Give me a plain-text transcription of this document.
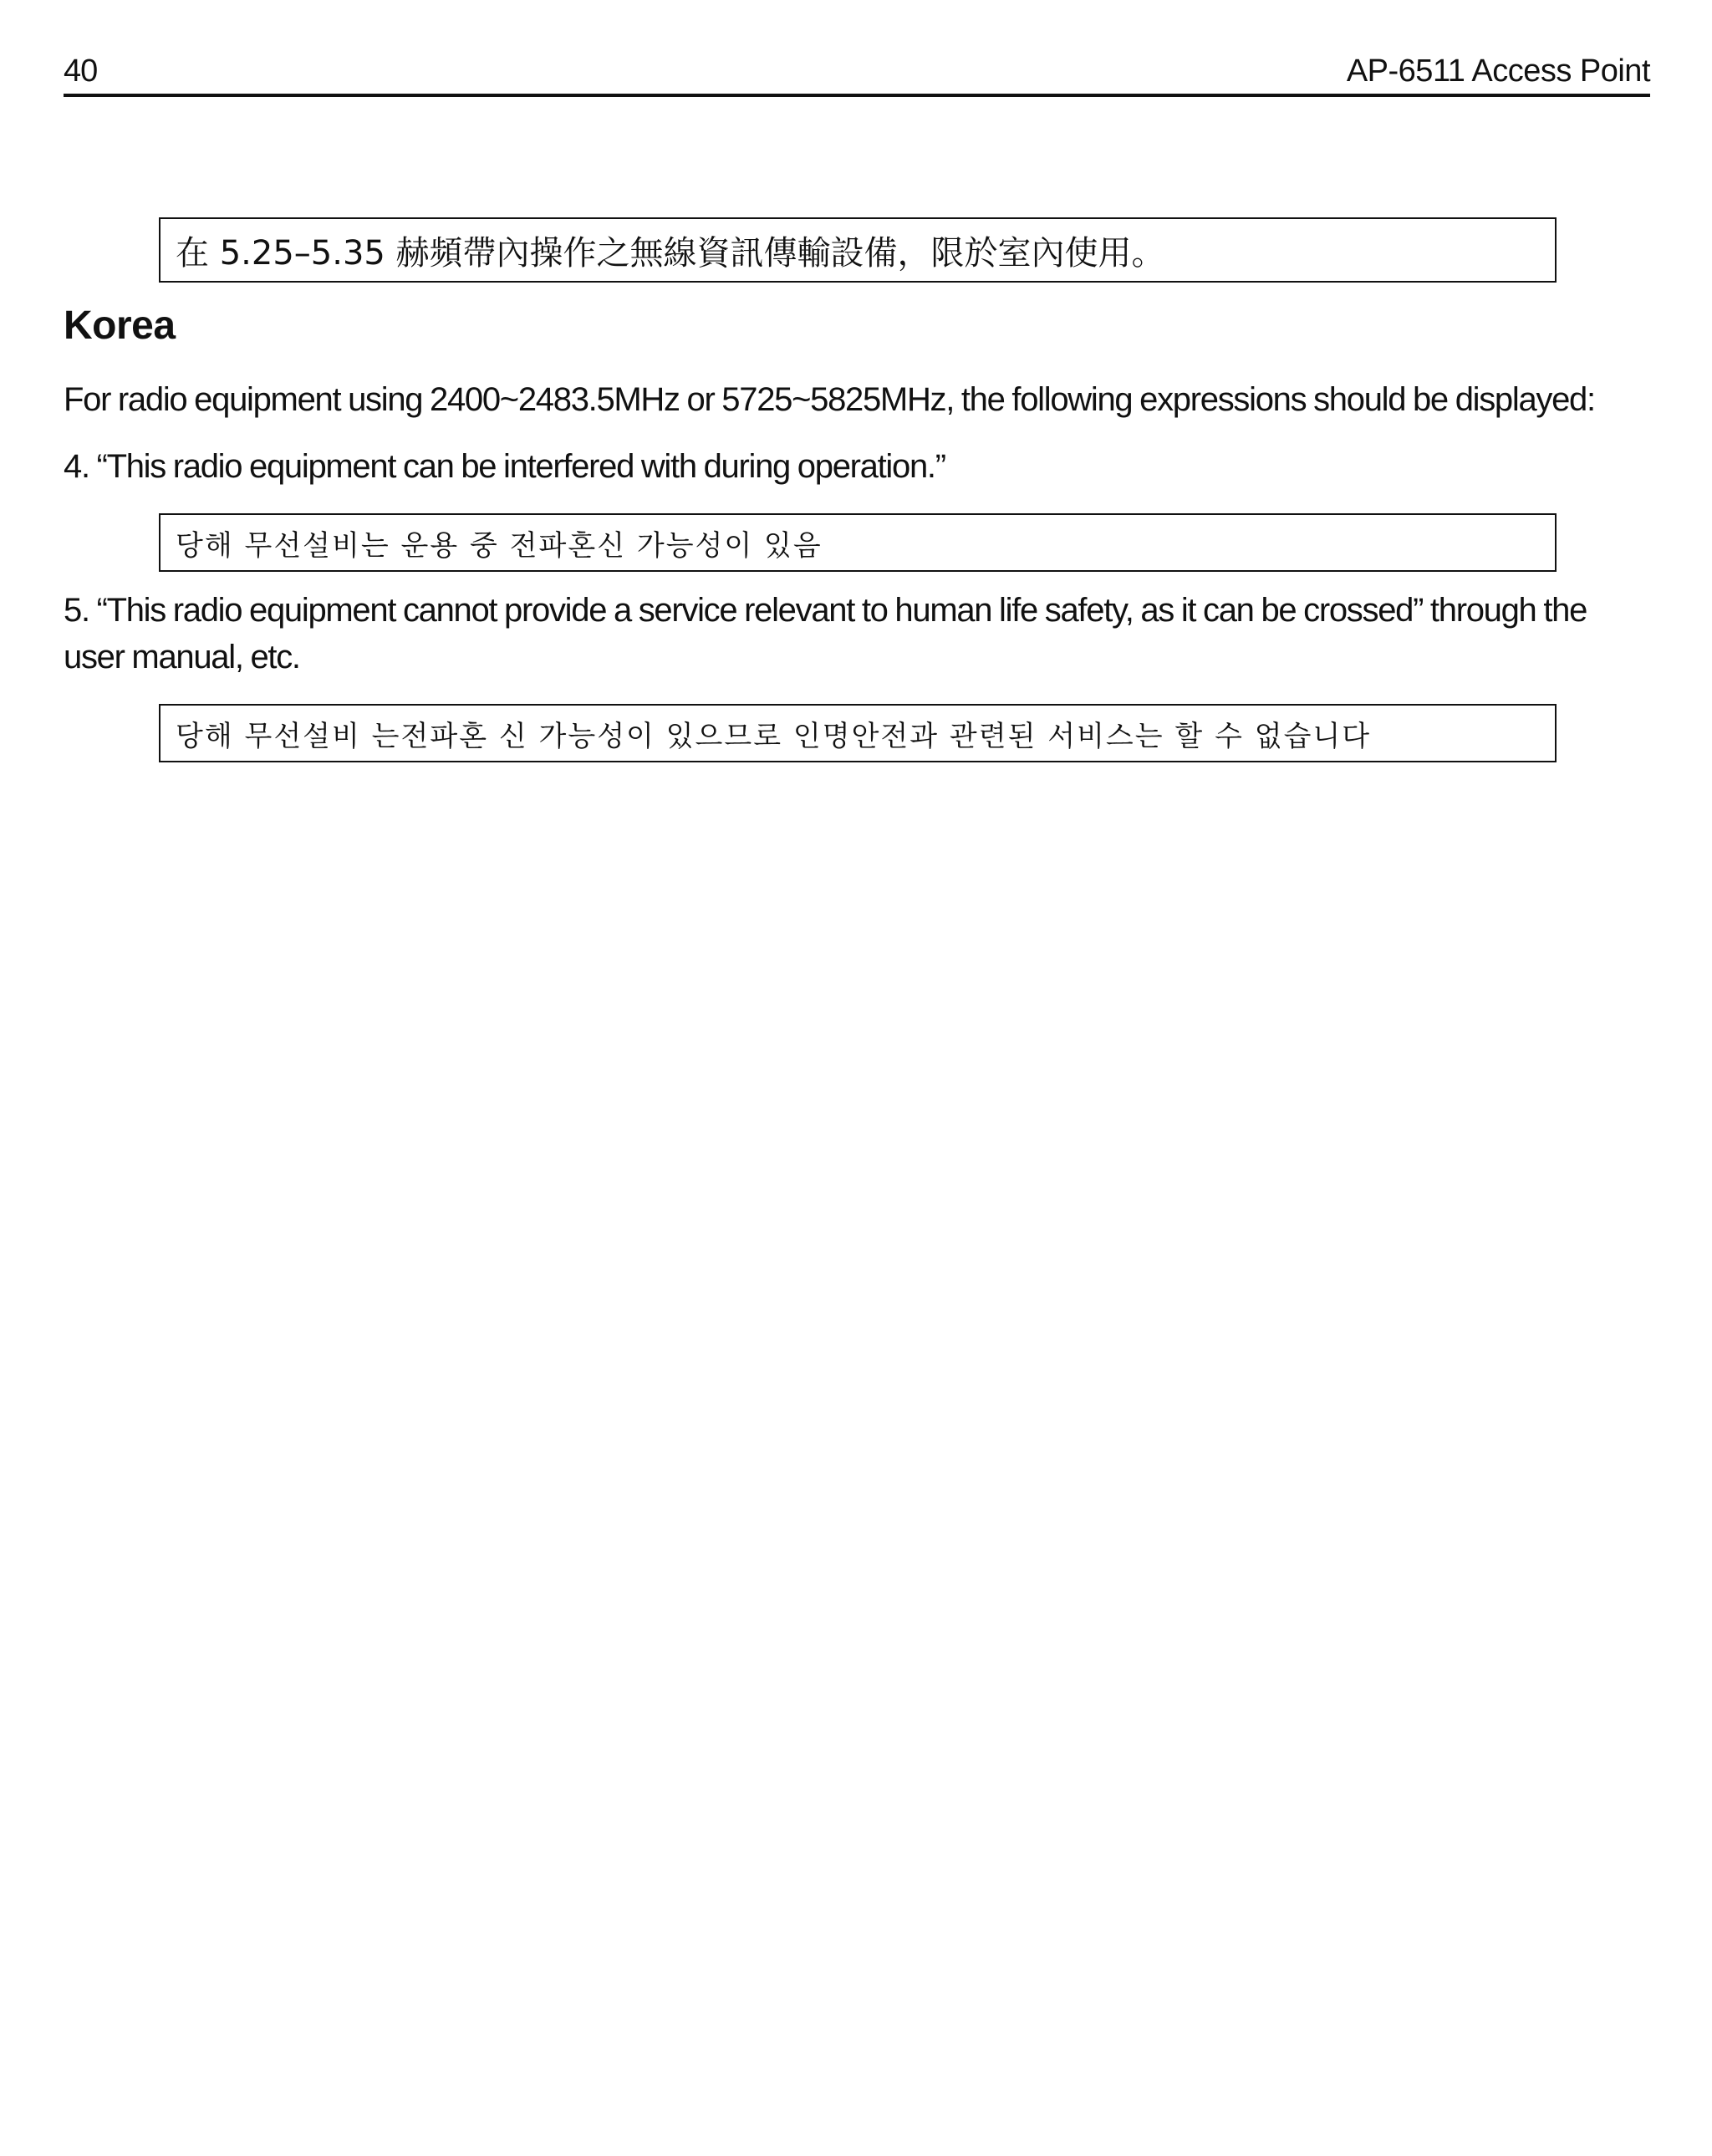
40	AP-6511 Access Point
在 5.25–5.35 赫頻帶內操作之無線資訊傳輸設備，限於室內使用。
Korea
For radio equipment using 2400~2483.5MHz or 5725~5825MHz, the following expressions should be displayed:
4. “This radio equipment can be interfered with during operation.”
당해 무선설비는 운용 중 전파혼신 가능성이 있음
5. “This radio equipment cannot provide a service relevant to human life safety, as it can be crossed” through the user manual, etc.
당해 무선설비 는전파혼 신 가능성이 있으므로 인명안전과 관련된 서비스는 할 수 없습니다
